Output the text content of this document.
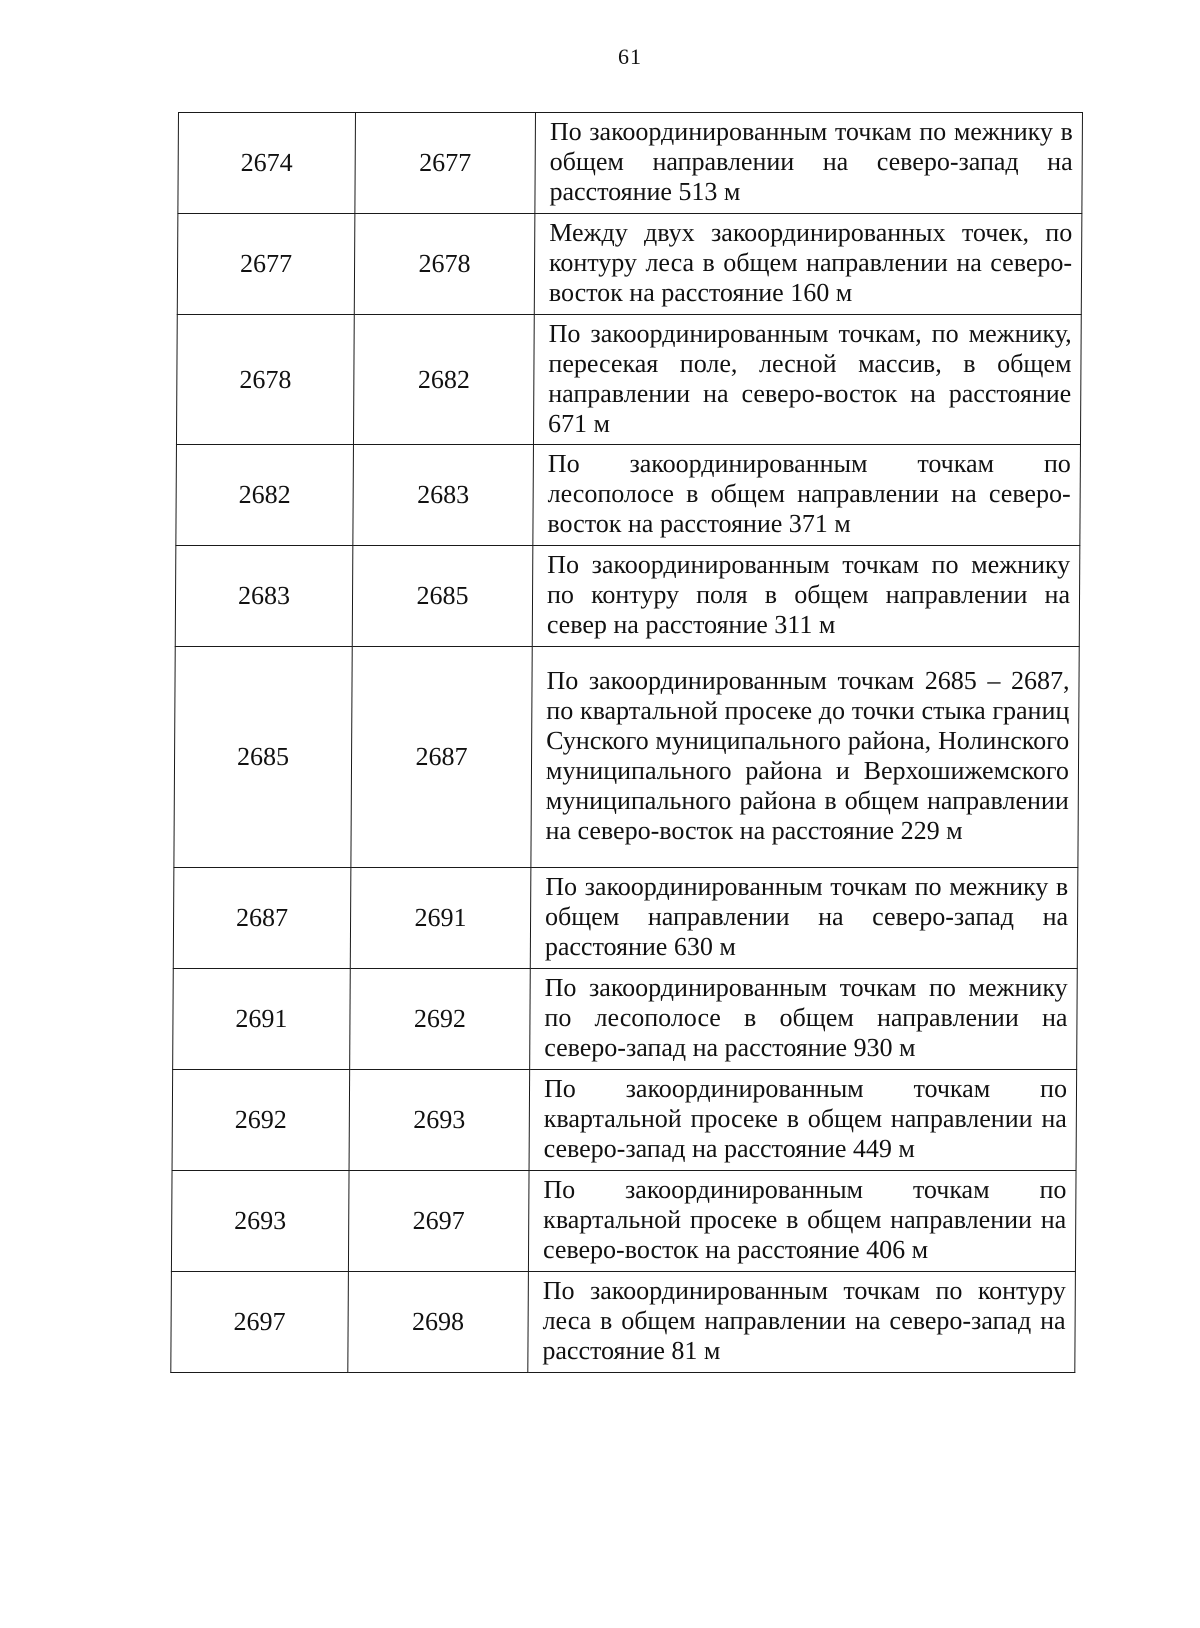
61
2674	2677	По закоординированным точкам по межнику в общем направлении на северо-запад на расстояние 513 м
2677	2678	Между двух закоординированных точек, по контуру леса в общем направлении на северо-восток на расстояние 160 м
2678	2682	По закоординированным точкам, по межнику, пересекая поле, лесной массив, в общем направлении на северо-восток на расстояние 671 м
2682	2683	По закоординированным точкам по лесополосе в общем направлении на северо-восток на расстояние 371 м
2683	2685	По закоординированным точкам по межнику по контуру поля в общем направлении на север на расстояние 311 м
2685	2687	По закоординированным точкам 2685 – 2687, по квартальной просеке до точки стыка границ Сунского муниципального района, Нолинского муниципального района и Верхошижемского муниципального района в общем направлении на северо-восток на расстояние 229 м
2687	2691	По закоординированным точкам по межнику в общем направлении на северо-запад на расстояние 630 м
2691	2692	По закоординированным точкам по межнику по лесополосе в общем направлении на северо-запад на расстояние 930 м
2692	2693	По закоординированным точкам по квартальной просеке в общем направлении на северо-запад на расстояние 449 м
2693	2697	По закоординированным точкам по квартальной просеке в общем направлении на северо-восток на расстояние 406 м
2697	2698	По закоординированным точкам по контуру леса в общем направлении на северо-запад на расстояние 81 м
